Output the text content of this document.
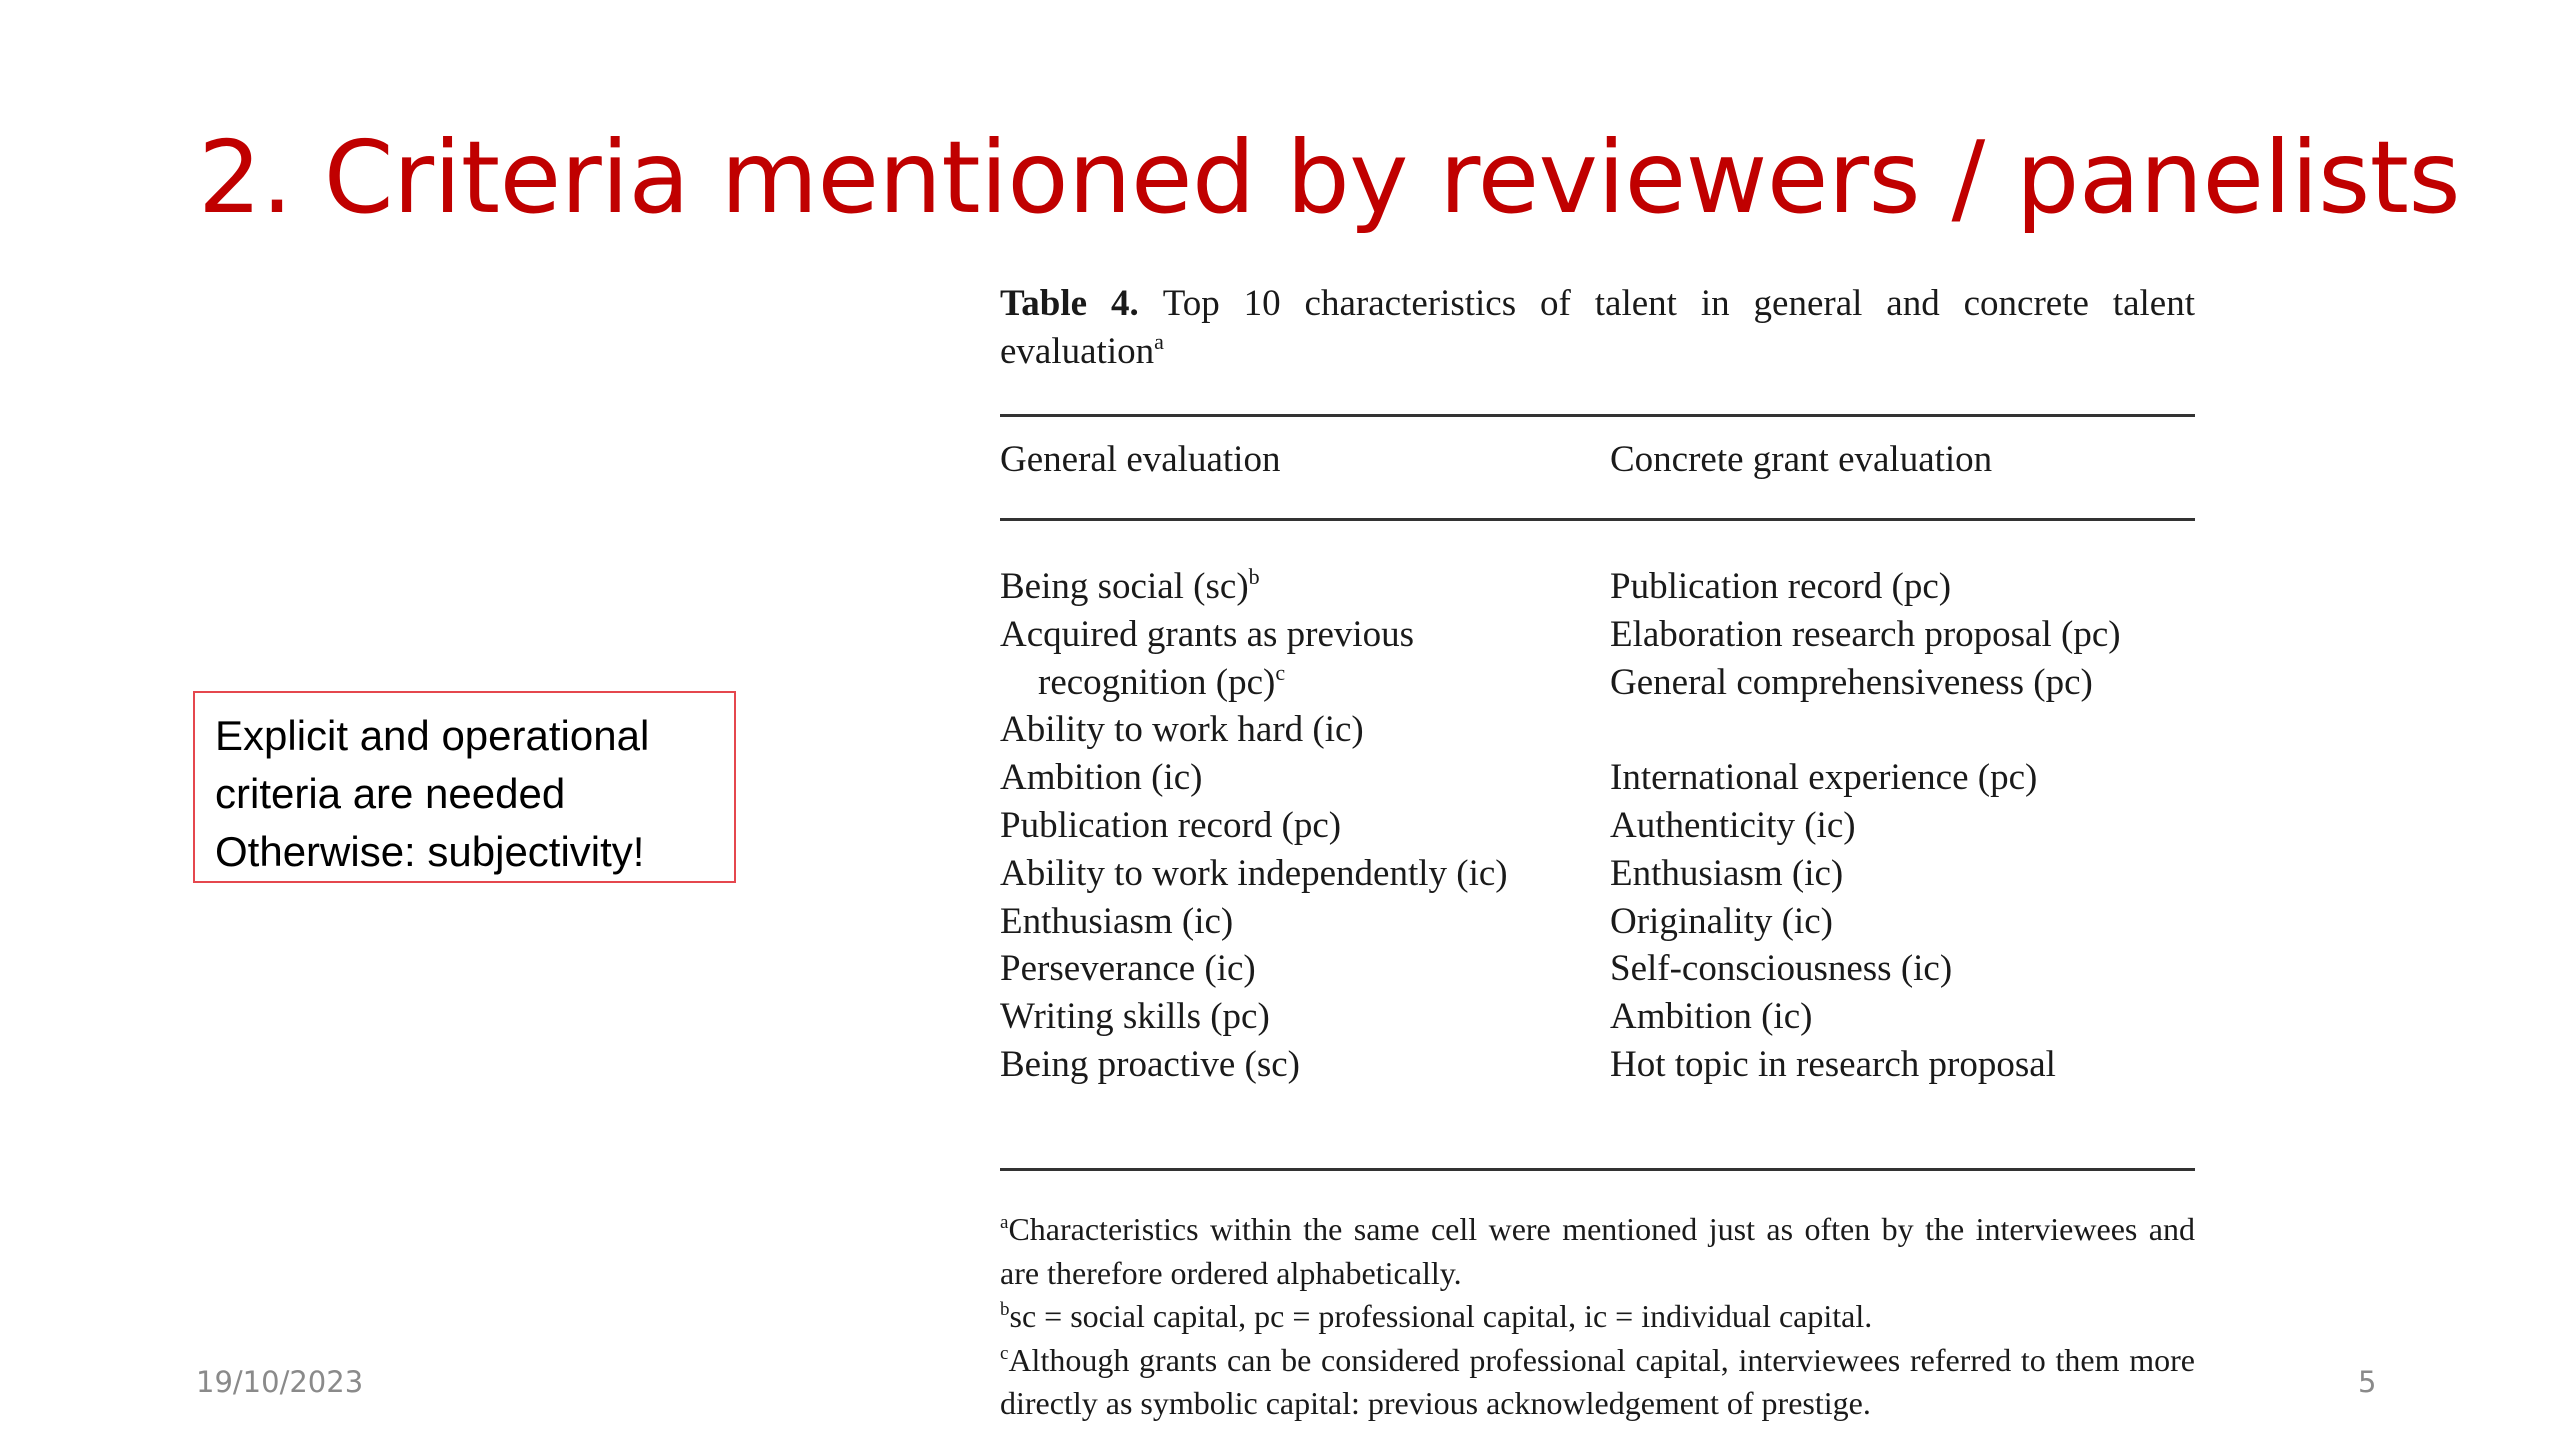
2. Criteria mentioned by reviewers / panelists
Explicit and operational
criteria are needed
Otherwise: subjectivity!
Table 4. Top 10 characteristics of talent in general and concrete talent evaluation$^a$
General evaluation	Concrete grant evaluation
Being social (sc)$^b$
Acquired grants as previous
recognition (pc)$^c$
Ability to work hard (ic)
Ambition (ic)
Publication record (pc)
Ability to work independently (ic)
Enthusiasm (ic)
Perseverance (ic)
Writing skills (pc)
Being proactive (sc)
Publication record (pc)
Elaboration research proposal (pc)
General comprehensiveness (pc)
International experience (pc)
Authenticity (ic)
Enthusiasm (ic)
Originality (ic)
Self-consciousness (ic)
Ambition (ic)
Hot topic in research proposal
$^a$Characteristics within the same cell were mentioned just as often by the interviewees and are therefore ordered alphabetically.
$^b$sc = social capital, pc = professional capital, ic = individual capital.
$^c$Although grants can be considered professional capital, interviewees referred to them more directly as symbolic capital: previous acknowledgement of prestige.
19/10/2023	5
